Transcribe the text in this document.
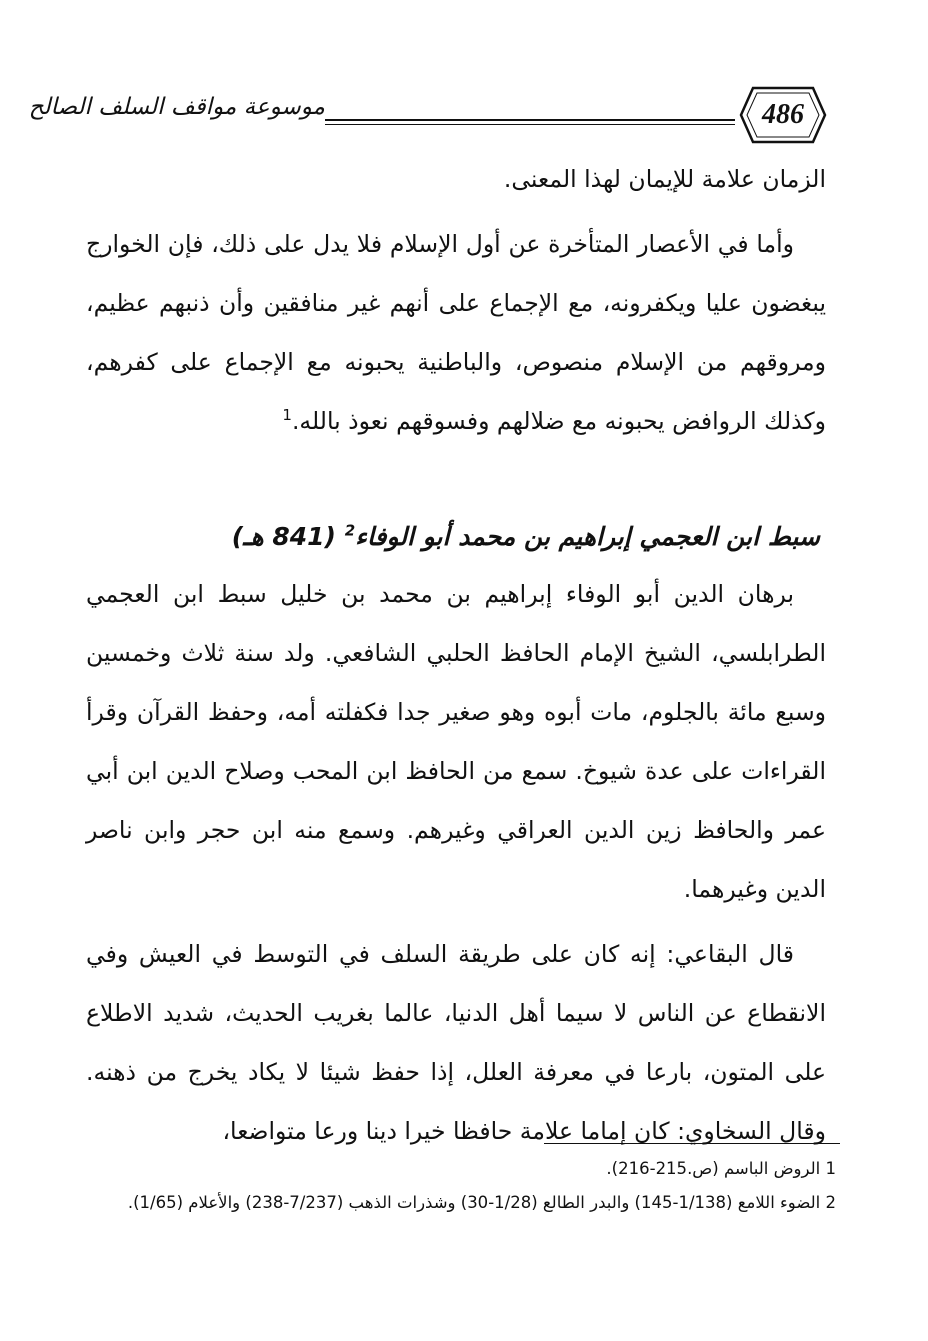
486
موسوعة مواقف السلف الصالح

الزمان علامة للإيمان لهذا المعنى.

وأما في الأعصار المتأخرة عن أول الإسلام فلا يدل على ذلك، فإن الخوارج يبغضون عليا ويكفرونه، مع الإجماع على أنهم غير منافقين وأن ذنبهم عظيم، ومروقهم من الإسلام منصوص، والباطنية يحبونه مع الإجماع على كفرهم، وكذلك الروافض يحبونه مع ضلالهم وفسوقهم نعوذ بالله.$^1$

سبط ابن العجمي إبراهيم بن محمد أبو الوفاء$^2$ (841 هـ)

برهان الدين أبو الوفاء إبراهيم بن محمد بن خليل سبط ابن العجمي الطرابلسي، الشيخ الإمام الحافظ الحلبي الشافعي. ولد سنة ثلاث وخمسين وسبع مائة بالجلوم، مات أبوه وهو صغير جدا فكفلته أمه، وحفظ القرآن وقرأ القراءات على عدة شيوخ. سمع من الحافظ ابن المحب وصلاح الدين ابن أبي عمر والحافظ زين الدين العراقي وغيرهم. وسمع منه ابن حجر وابن ناصر الدين وغيرهما.

قال البقاعي: إنه كان على طريقة السلف في التوسط في العيش وفي الانقطاع عن الناس لا سيما أهل الدنيا، عالما بغريب الحديث، شديد الاطلاع على المتون، بارعا في معرفة العلل، إذا حفظ شيئا لا يكاد يخرج من ذهنه. وقال السخاوي: كان إماما علامة حافظا خيرا دينا ورعا متواضعا،

1 الروض الباسم (ص.215-216).

2 الضوء اللامع (1/138-145) والبدر الطالع (1/28-30) وشذرات الذهب (7/237-238) والأعلام (1/65).
